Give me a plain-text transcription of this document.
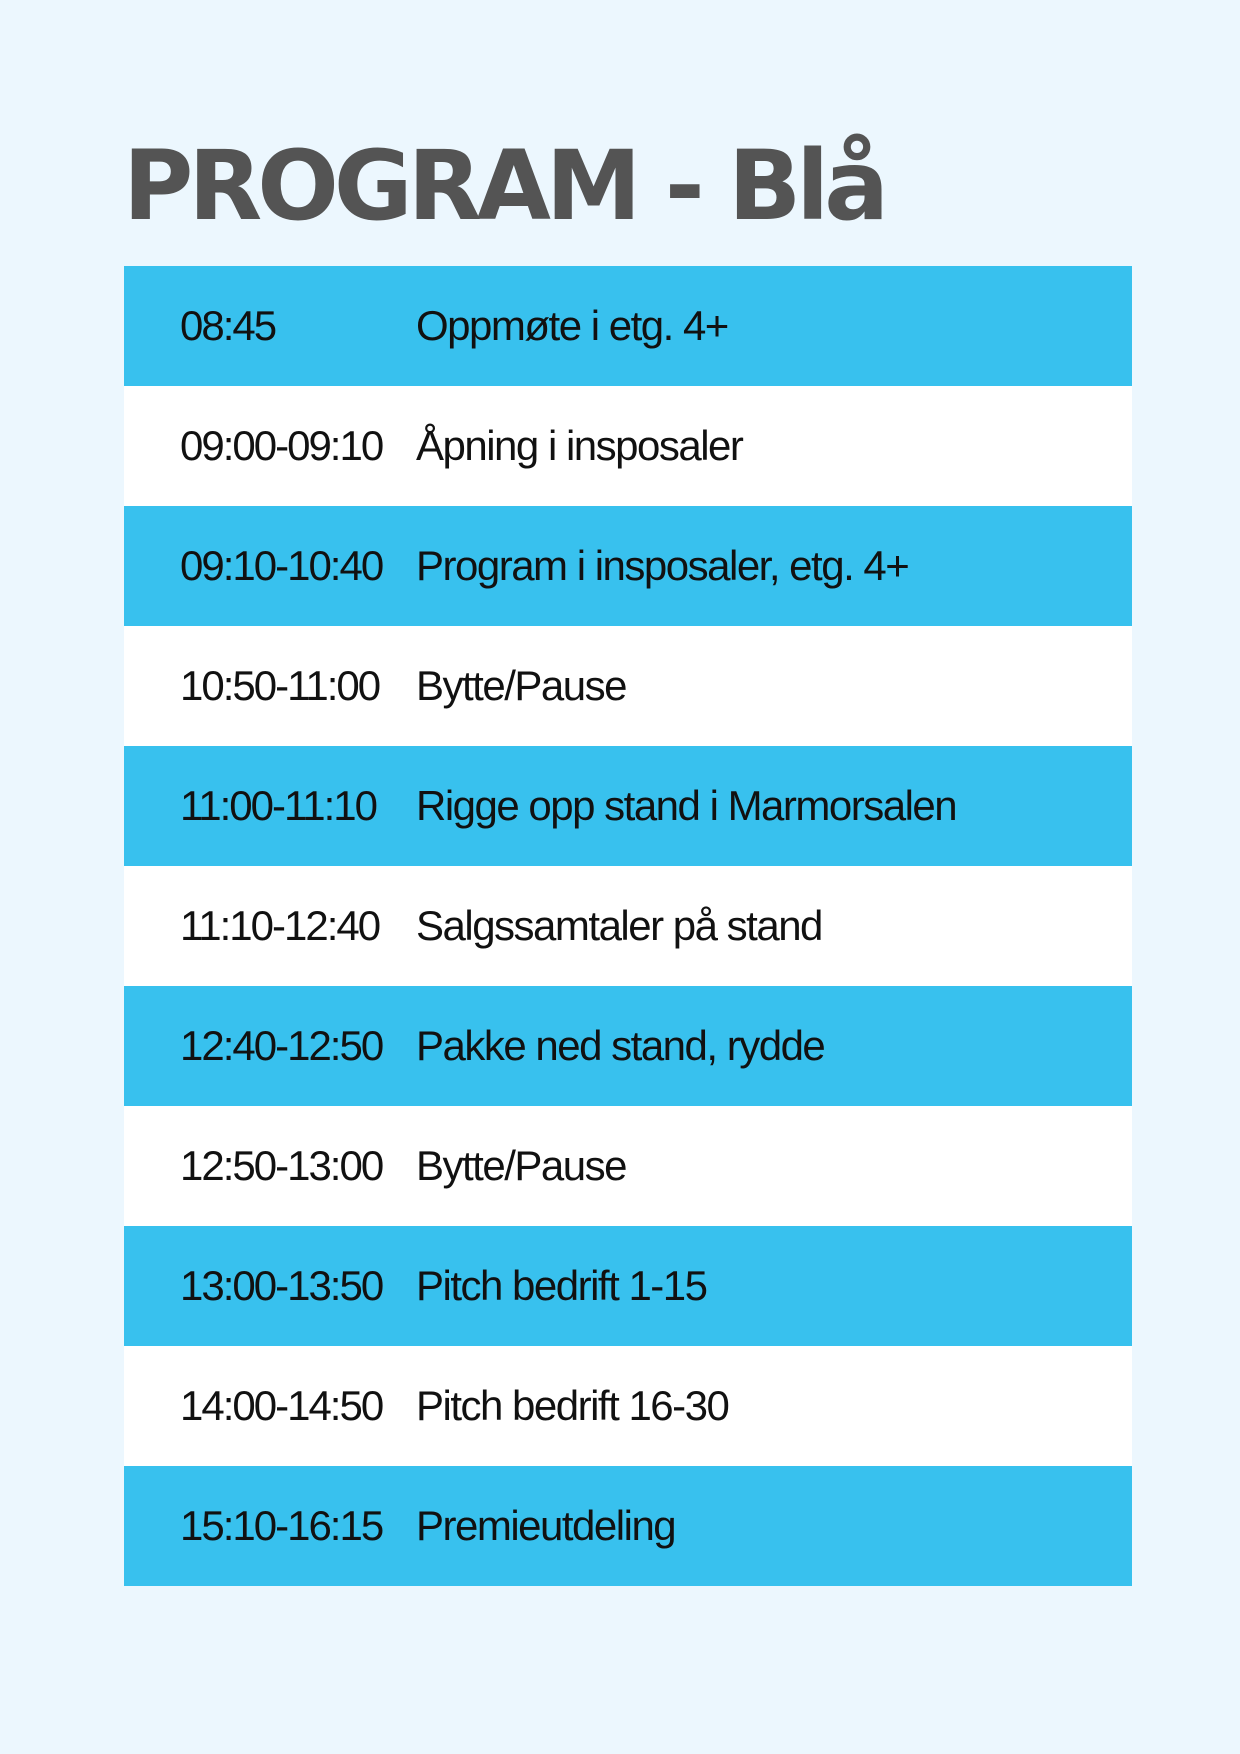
PROGRAM - Blå
08:45	Oppmøte i etg. 4+
09:00-09:10 Åpning i insposaler
09:10-10:40 Program i insposaler, etg. 4+
10:50-11:00 Bytte/Pause
11:00-11:10 Rigge opp stand i Marmorsalen
11:10-12:40 Salgssamtaler på stand
12:40-12:50 Pakke ned stand, rydde
12:50-13:00 Bytte/Pause
13:00-13:50 Pitch bedrift 1-15
14:00-14:50 Pitch bedrift 16-30
15:10-16:15 Premieutdeling
